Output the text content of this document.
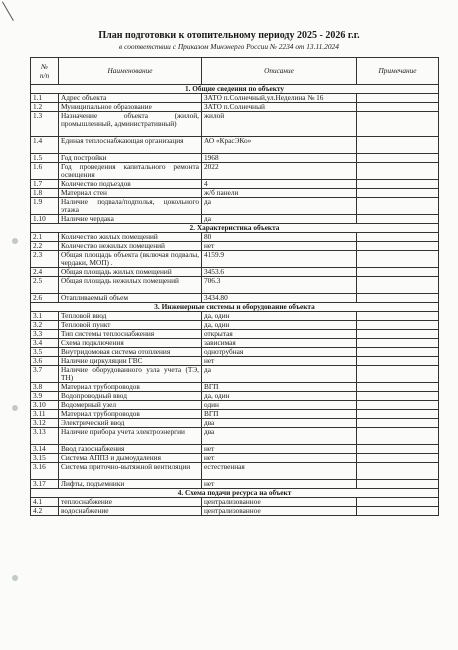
План подготовки к отопительному периоду 2025 - 2026 г.г.
в соответствии с Приказом Минэнерго России № 2234 от 13.11.2024
№
п/п	Наименование	Описание	Примечание
1. Общие сведения по объекту			
1.1	Адрес объекта	ЗАТО п.Солнечный,ул.Неделина № 16	
1.2	Муниципальное образование	ЗАТО п.Солнечный	
1.3	Назначение объекта (жилой, промышленный, административный)	жилой	
1.4	Единая теплоснабжающая организация	АО «КрасЭКо»	
1.5	Год постройки	1968	
1.6	Год проведения капитального ремонта освещения	2022	
1.7	Количество подъездов	4	
1.8	Материал стен	ж/б панели	
1.9	Наличие подвала/подполья, цокольного этажа	да	
1.10	Наличие чердака	да	
2. Характеристика объекта			
2.1	Количество жилых помещений	80	
2.2	Количество нежилых помещений	нет	
2.3	Общая площадь объекта (включая подвалы, чердаки, МОП) .	4159.9	
2.4	Общая площадь жилых помещений	3453.6	
2.5	Общая площадь нежилых помещений	706.3	
2.6	Отапливаемый объем	3434.80	
3. Инженерные системы и оборудование объекта			
3.1	Тепловой ввод	да, один	
3.2	Тепловой пункт	да, один	
3.3	Тип системы теплоснабжения	открытая	
3.4	Схема подключения	зависимая	
3.5	Внутридомовая система отопления	однотрубная	
3.6	Наличие циркуляции ГВС	нет	
3.7	Наличие оборудованного узла учета (ТЭ, ТН)	да	
3.8	Материал трубопроводов	ВГП	
3.9	Водопроводный ввод	да, один	
3.10	Водомерный узел	один	
3.11	Материал трубопроводов	ВГП	
3.12	Электрический ввод	два	
3.13	Наличие прибора учета электроэнергии	два	
3.14	Ввод газоснабжения	нет	
3.15	Система АППЗ и дымоудаления	нет	
3.16	Система приточно-вытяжной вентиляции	естественная	
3.17	Лифты, подъемники	нет	
4. Схема подачи ресурса на объект			
4.1	теплоснабжение	централизованное	
4.2	водоснабжение	централизованное	
